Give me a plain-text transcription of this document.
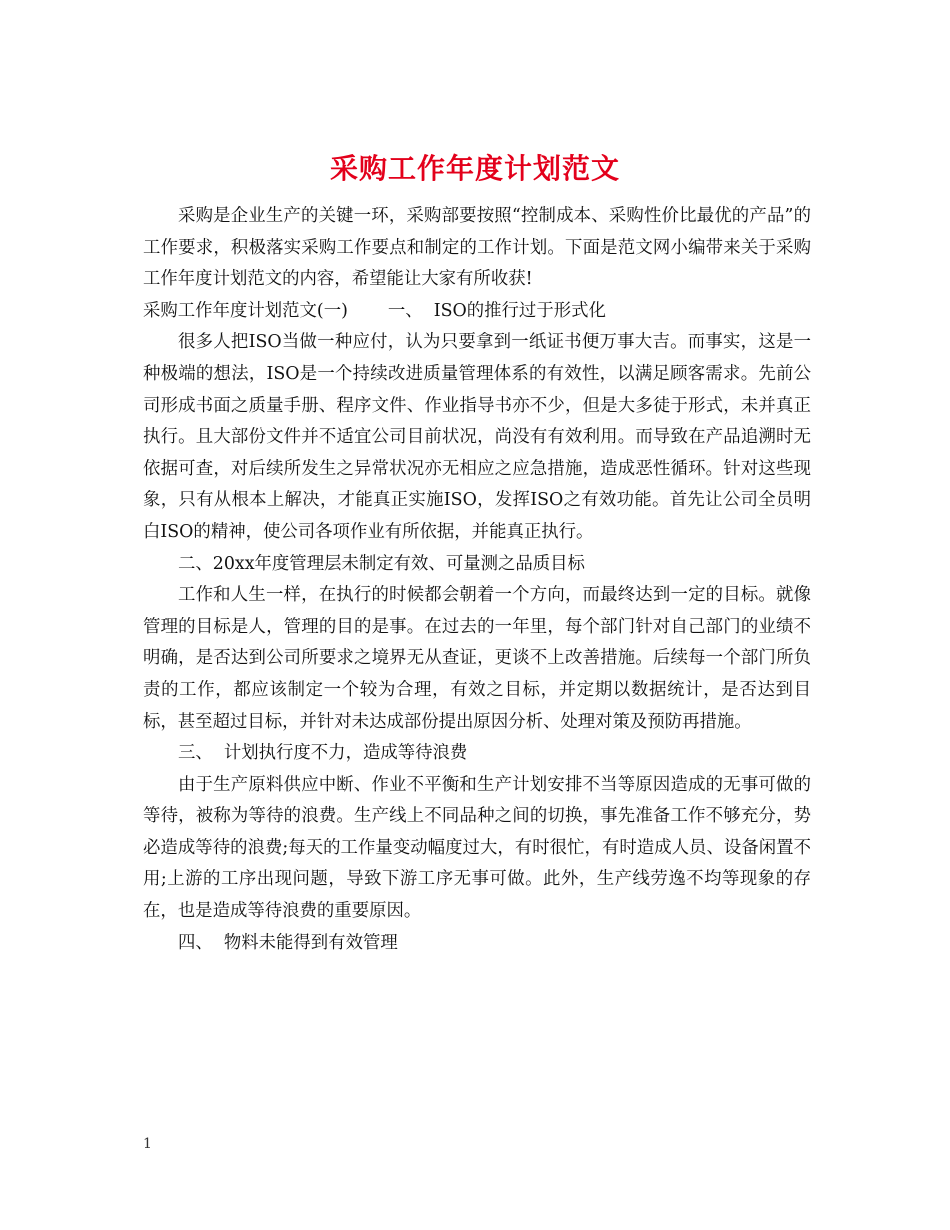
采购工作年度计划范文

采购是企业生产的关键一环，采购部要按照“控制成本、采购性价比最优的产品”的工作要求，积极落实采购工作要点和制定的工作计划。下面是范文网小编带来关于采购工作年度计划范文的内容，希望能让大家有所收获!

采购工作年度计划范文(一) 一、  ISO的推行过于形式化

很多人把ISO当做一种应付，认为只要拿到一纸证书便万事大吉。而事实，这是一种极端的想法，ISO是一个持续改进质量管理体系的有效性，以满足顾客需求。先前公司形成书面之质量手册、程序文件、作业指导书亦不少，但是大多徒于形式，未并真正执行。且大部份文件并不适宜公司目前状况，尚没有有效利用。而导致在产品追溯时无依据可查，对后续所发生之异常状况亦无相应之应急措施，造成恶性循环。针对这些现象，只有从根本上解决，才能真正实施ISO，发挥ISO之有效功能。首先让公司全员明白ISO的精神，使公司各项作业有所依据，并能真正执行。

二、20xx年度管理层未制定有效、可量测之品质目标

工作和人生一样，在执行的时候都会朝着一个方向，而最终达到一定的目标。就像管理的目标是人，管理的目的是事。在过去的一年里，每个部门针对自己部门的业绩不明确，是否达到公司所要求之境界无从查证，更谈不上改善措施。后续每一个部门所负责的工作，都应该制定一个较为合理，有效之目标，并定期以数据统计，是否达到目标，甚至超过目标，并针对未达成部份提出原因分析、处理对策及预防再措施。

三、  计划执行度不力，造成等待浪费

由于生产原料供应中断、作业不平衡和生产计划安排不当等原因造成的无事可做的等待，被称为等待的浪费。生产线上不同品种之间的切换，事先准备工作不够充分，势必造成等待的浪费;每天的工作量变动幅度过大，有时很忙，有时造成人员、设备闲置不用;上游的工序出现问题，导致下游工序无事可做。此外，生产线劳逸不均等现象的存在，也是造成等待浪费的重要原因。

四、  物料未能得到有效管理

1
